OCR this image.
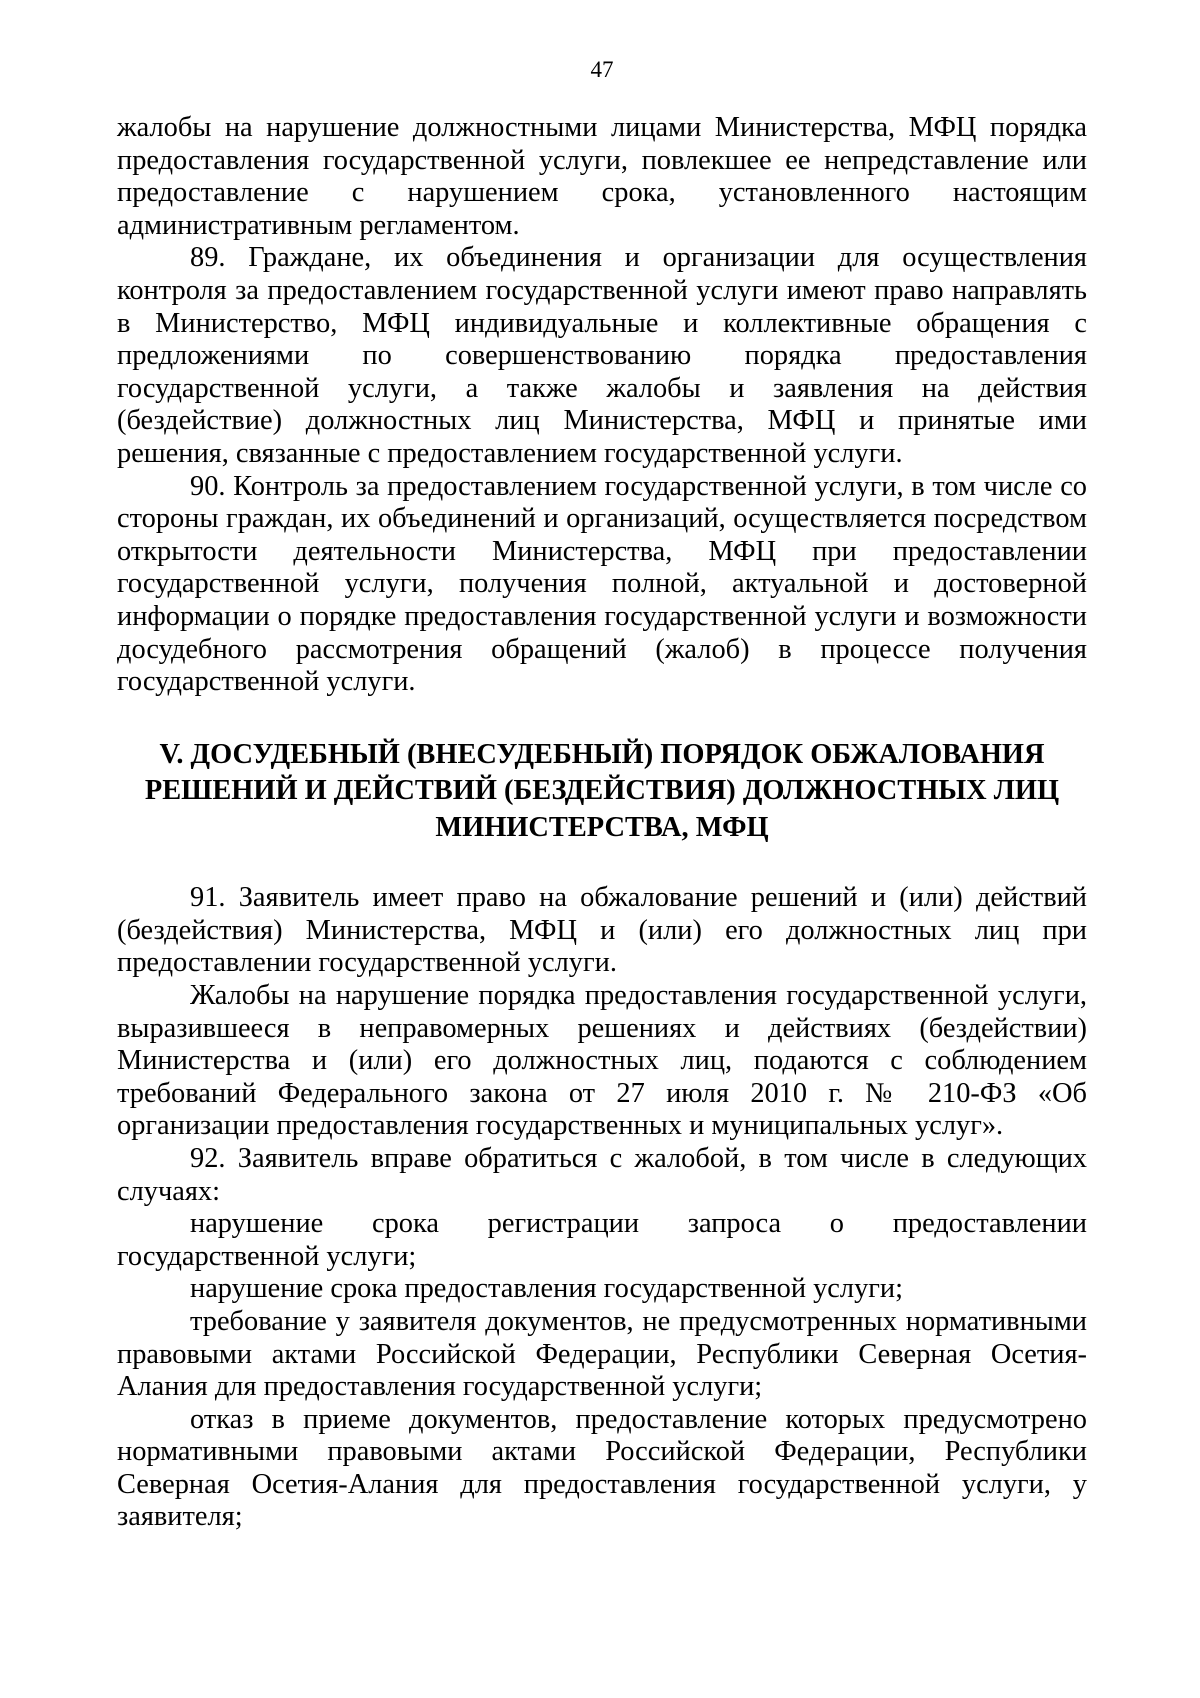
47

жалобы на нарушение должностными лицами Министерства, МФЦ порядка предоставления государственной услуги, повлекшее ее непредставление или предоставление с нарушением срока, установленного настоящим административным регламентом.

89. Граждане, их объединения и организации для осуществления контроля за предоставлением государственной услуги имеют право направлять в Министерство, МФЦ индивидуальные и коллективные обращения с предложениями по совершенствованию порядка предоставления государственной услуги, а также жалобы и заявления на действия (бездействие) должностных лиц Министерства, МФЦ и принятые ими решения, связанные с предоставлением государственной услуги.

90. Контроль за предоставлением государственной услуги, в том числе со стороны граждан, их объединений и организаций, осуществляется посредством открытости деятельности Министерства, МФЦ при предоставлении государственной услуги, получения полной, актуальной и достоверной информации о порядке предоставления государственной услуги и возможности досудебного рассмотрения обращений (жалоб) в процессе получения государственной услуги.

V. ДОСУДЕБНЫЙ (ВНЕСУДЕБНЫЙ) ПОРЯДОК ОБЖАЛОВАНИЯ
РЕШЕНИЙ И ДЕЙСТВИЙ (БЕЗДЕЙСТВИЯ) ДОЛЖНОСТНЫХ ЛИЦ
МИНИСТЕРСТВА, МФЦ

91. Заявитель имеет право на обжалование решений и (или) действий (бездействия) Министерства, МФЦ и (или) его должностных лиц при предоставлении государственной услуги.

Жалобы на нарушение порядка предоставления государственной услуги, выразившееся в неправомерных решениях и действиях (бездействии) Министерства и (или) его должностных лиц, подаются с соблюдением требований Федерального закона от 27 июля 2010 г. № 210-ФЗ «Об организации предоставления государственных и муниципальных услуг».

92. Заявитель вправе обратиться с жалобой, в том числе в следующих случаях:

нарушение срока регистрации запроса о предоставлении государственной услуги;

нарушение срока предоставления государственной услуги;

требование у заявителя документов, не предусмотренных нормативными правовыми актами Российской Федерации, Республики Северная Осетия-Алания для предоставления государственной услуги;

отказ в приеме документов, предоставление которых предусмотрено нормативными правовыми актами Российской Федерации, Республики Северная Осетия-Алания для предоставления государственной услуги, у заявителя;
